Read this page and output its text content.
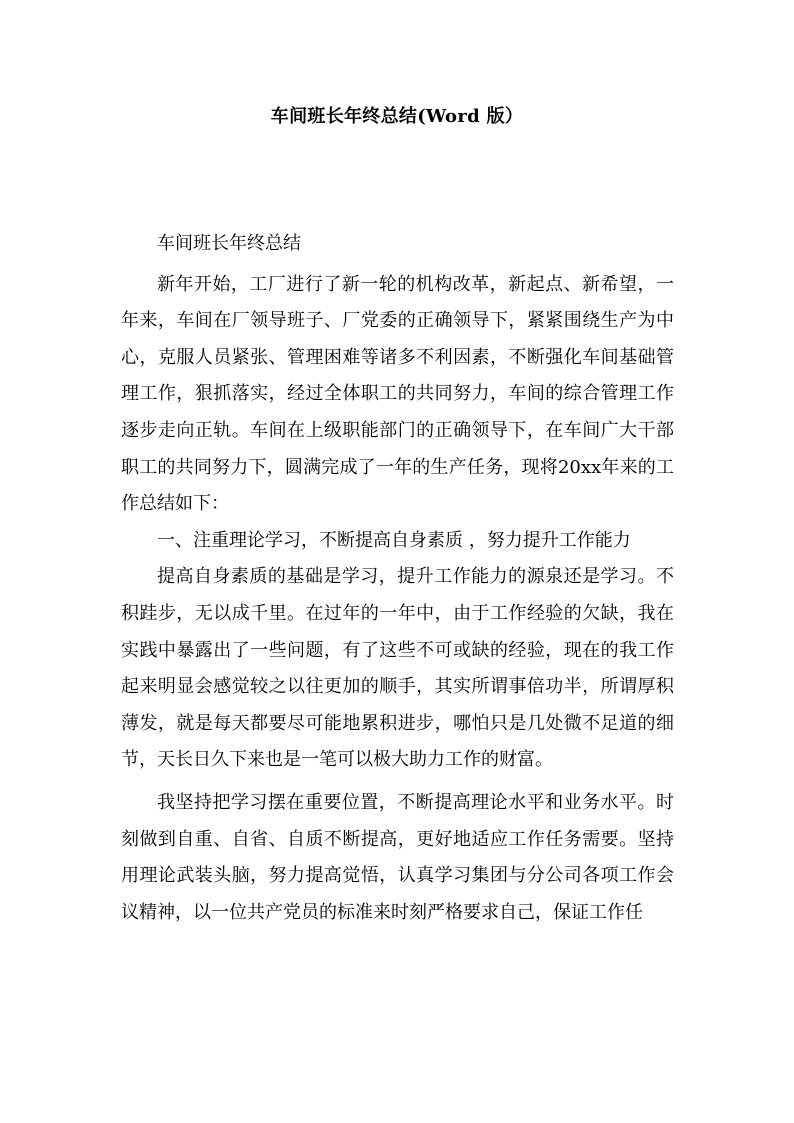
车间班长年终总结(Word 版）

车间班长年终总结

新年开始，工厂进行了新一轮的机构改革，新起点、新希望，一年来，车间在厂领导班子、厂党委的正确领导下，紧紧围绕生产为中心，克服人员紧张、管理困难等诸多不利因素，不断强化车间基础管理工作，狠抓落实，经过全体职工的共同努力，车间的综合管理工作逐步走向正轨。车间在上级职能部门的正确领导下，在车间广大干部职工的共同努力下，圆满完成了一年的生产任务，现将20xx年来的工作总结如下：

一、注重理论学习，不断提高自身素质 ，努力提升工作能力

提高自身素质的基础是学习，提升工作能力的源泉还是学习。不积跬步，无以成千里。在过年的一年中，由于工作经验的欠缺，我在实践中暴露出了一些问题，有了这些不可或缺的经验，现在的我工作起来明显会感觉较之以往更加的顺手，其实所谓事倍功半，所谓厚积薄发，就是每天都要尽可能地累积进步，哪怕只是几处微不足道的细节，天长日久下来也是一笔可以极大助力工作的财富。

我坚持把学习摆在重要位置，不断提高理论水平和业务水平。时刻做到自重、自省、自质不断提高，更好地适应工作任务需要。坚持用理论武装头脑，努力提高觉悟，认真学习集团与分公司各项工作会议精神，以一位共产党员的标准来时刻严格要求自己，保证工作任
